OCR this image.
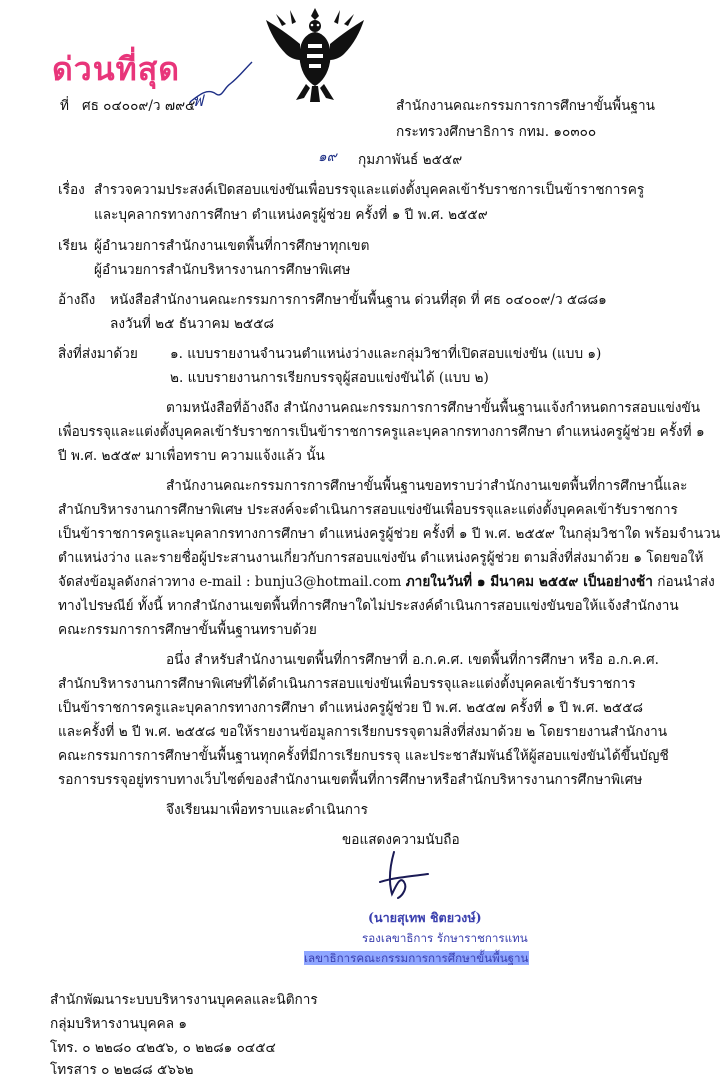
ด่วนที่สุด
ที่ ศธ ๐๔๐๐๙/ว ๗๙๕
ฟ	สำนักงานคณะกรรมการการศึกษาขั้นพื้นฐาน
กระทรวงศึกษาธิการ กทม. ๑๐๓๐๐
๑๙ กุมภาพันธ์ ๒๕๕๙
เรื่อง สำรวจความประสงค์เปิดสอบแข่งขันเพื่อบรรจุและแต่งตั้งบุคคลเข้ารับราชการเป็นข้าราชการครู
และบุคลากรทางการศึกษา ตำแหน่งครูผู้ช่วย ครั้งที่ ๑ ปี พ.ศ. ๒๕๕๙
เรียน ผู้อำนวยการสำนักงานเขตพื้นที่การศึกษาทุกเขต
ผู้อำนวยการสำนักบริหารงานการศึกษาพิเศษ
อ้างถึง หนังสือสำนักงานคณะกรรมการการศึกษาขั้นพื้นฐาน ด่วนที่สุด ที่ ศธ ๐๔๐๐๙/ว ๕๘๘๑
ลงวันที่ ๒๕ ธันวาคม ๒๕๕๘
สิ่งที่ส่งมาด้วย ๑. แบบรายงานจำนวนตำแหน่งว่างและกลุ่มวิชาที่เปิดสอบแข่งขัน (แบบ ๑)
๒. แบบรายงานการเรียกบรรจุผู้สอบแข่งขันได้ (แบบ ๒)
ตามหนังสือที่อ้างถึง สำนักงานคณะกรรมการการศึกษาขั้นพื้นฐานแจ้งกำหนดการสอบแข่งขัน
เพื่อบรรจุและแต่งตั้งบุคคลเข้ารับราชการเป็นข้าราชการครูและบุคลากรทางการศึกษา ตำแหน่งครูผู้ช่วย ครั้งที่ ๑
ปี พ.ศ. ๒๕๕๙ มาเพื่อทราบ ความแจ้งแล้ว นั้น
สำนักงานคณะกรรมการการศึกษาขั้นพื้นฐานขอทราบว่าสำนักงานเขตพื้นที่การศึกษานี้และ
สำนักบริหารงานการศึกษาพิเศษ ประสงค์จะดำเนินการสอบแข่งขันเพื่อบรรจุและแต่งตั้งบุคคลเข้ารับราชการ
เป็นข้าราชการครูและบุคลากรทางการศึกษา ตำแหน่งครูผู้ช่วย ครั้งที่ ๑ ปี พ.ศ. ๒๕๕๙ ในกลุ่มวิชาใด พร้อมจำนวน
ตำแหน่งว่าง และรายชื่อผู้ประสานงานเกี่ยวกับการสอบแข่งขัน ตำแหน่งครูผู้ช่วย ตามสิ่งที่ส่งมาด้วย ๑ โดยขอให้
จัดส่งข้อมูลดังกล่าวทาง e-mail : bunju3@hotmail.com ภายในวันที่ ๑ มีนาคม ๒๕๕๙ เป็นอย่างช้า ก่อนนำส่ง
ทางไปรษณีย์ ทั้งนี้ หากสำนักงานเขตพื้นที่การศึกษาใดไม่ประสงค์ดำเนินการสอบแข่งขันขอให้แจ้งสำนักงาน
คณะกรรมการการศึกษาขั้นพื้นฐานทราบด้วย
อนึ่ง สำหรับสำนักงานเขตพื้นที่การศึกษาที่ อ.ก.ค.ศ. เขตพื้นที่การศึกษา หรือ อ.ก.ค.ศ.
สำนักบริหารงานการศึกษาพิเศษที่ได้ดำเนินการสอบแข่งขันเพื่อบรรจุและแต่งตั้งบุคคลเข้ารับราชการ
เป็นข้าราชการครูและบุคลากรทางการศึกษา ตำแหน่งครูผู้ช่วย ปี พ.ศ. ๒๕๕๗ ครั้งที่ ๑ ปี พ.ศ. ๒๕๕๘
และครั้งที่ ๒ ปี พ.ศ. ๒๕๕๘ ขอให้รายงานข้อมูลการเรียกบรรจุตามสิ่งที่ส่งมาด้วย ๒ โดยรายงานสำนักงาน
คณะกรรมการการศึกษาขั้นพื้นฐานทุกครั้งที่มีการเรียกบรรจุ และประชาสัมพันธ์ให้ผู้สอบแข่งขันได้ขึ้นบัญชี
รอการบรรจุอยู่ทราบทางเว็บไซต์ของสำนักงานเขตพื้นที่การศึกษาหรือสำนักบริหารงานการศึกษาพิเศษ
จึงเรียนมาเพื่อทราบและดำเนินการ
ขอแสดงความนับถือ
(นายสุเทพ ชิตยวงษ์)
รองเลขาธิการ รักษาราชการแทน
เลขาธิการคณะกรรมการการศึกษาขั้นพื้นฐาน
สำนักพัฒนาระบบบริหารงานบุคคลและนิติการ
กลุ่มบริหารงานบุคคล ๑
โทร. ๐ ๒๒๘๐ ๔๒๕๖, ๐ ๒๒๘๑ ๐๔๕๔
โทรสาร ๐ ๒๒๘๘ ๕๖๖๒
